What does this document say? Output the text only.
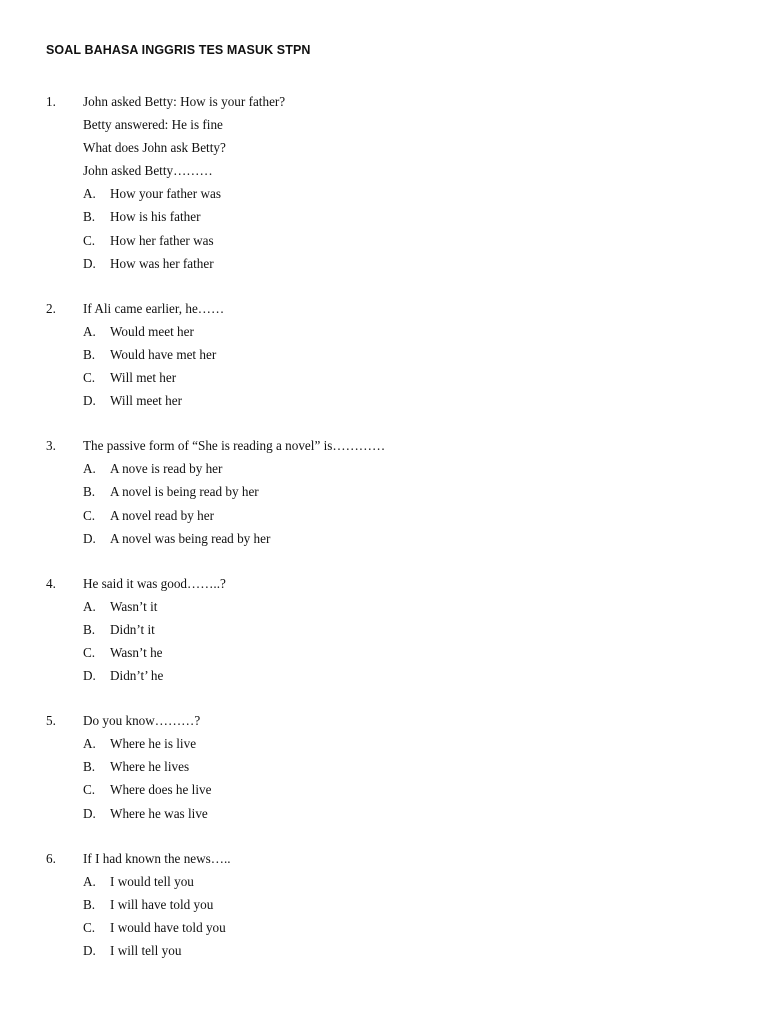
SOAL BAHASA INGGRIS TES MASUK STPN
1. John asked Betty: How is your father?
Betty answered: He is fine
What does John ask Betty?
John asked Betty………
A. How your father was
B. How is his father
C. How her father was
D. How was her father
2. If Ali came earlier, he……
A. Would meet her
B. Would have met her
C. Will met her
D. Will meet her
3. The passive form of “She is reading a novel” is…………
A. A nove is read by her
B. A novel is being read by her
C. A novel read by her
D. A novel was being read by her
4. He said it was good……..?
A. Wasn’t it
B. Didn’t it
C. Wasn’t he
D. Didn’t’ he
5. Do you know………?
A. Where he is live
B. Where he lives
C. Where does he live
D. Where he was live
6. If I had known the news…..
A. I would tell you
B. I will have told you
C. I would have told you
D. I will tell you
